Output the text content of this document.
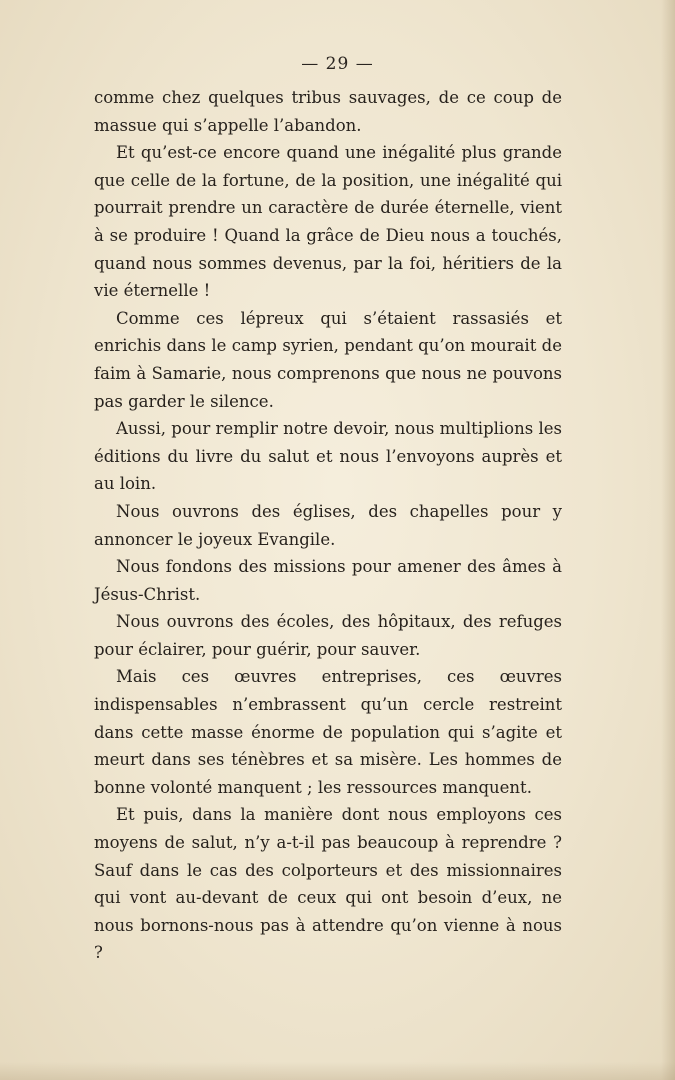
— 29 —

comme chez quelques tribus sauvages, de ce coup de massue qui s’appelle l’abandon.

Et qu’est-ce encore quand une inégalité plus grande que celle de la fortune, de la position, une inégalité qui pourrait prendre un caractère de durée éternelle, vient à se produire ! Quand la grâce de Dieu nous a touchés, quand nous sommes devenus, par la foi, héritiers de la vie éternelle !

Comme ces lépreux qui s’étaient rassasiés et enrichis dans le camp syrien, pendant qu’on mourait de faim à Samarie, nous comprenons que nous ne pouvons pas garder le silence.

Aussi, pour remplir notre devoir, nous multiplions les éditions du livre du salut et nous l’envoyons auprès et au loin.

Nous ouvrons des églises, des chapelles pour y annoncer le joyeux Evangile.

Nous fondons des missions pour amener des âmes à Jésus-Christ.

Nous ouvrons des écoles, des hôpitaux, des refuges pour éclairer, pour guérir, pour sauver.

Mais ces œuvres entreprises, ces œuvres indispensables n’embrassent qu’un cercle restreint dans cette masse énorme de population qui s’agite et meurt dans ses ténèbres et sa misère. Les hommes de bonne volonté manquent ; les ressources manquent.

Et puis, dans la manière dont nous employons ces moyens de salut, n’y a-t-il pas beaucoup à reprendre ? Sauf dans le cas des colporteurs et des missionnaires qui vont au-devant de ceux qui ont besoin d’eux, ne nous bornons-nous pas à attendre qu’on vienne à nous ?
